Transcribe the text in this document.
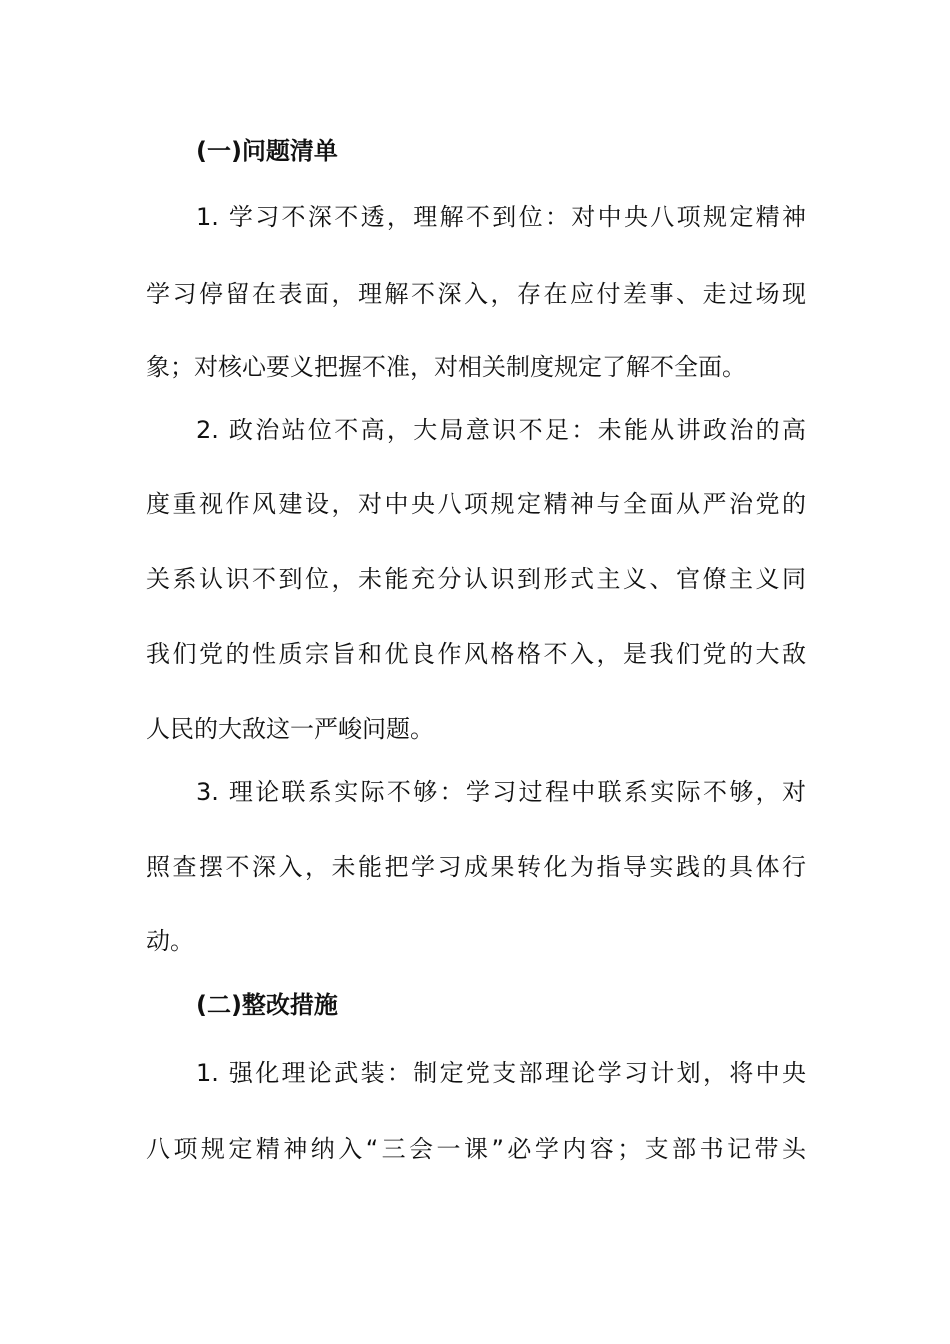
(一)问题清单
1. 学习不深不透，理解不到位：对中央八项规定精神
学习停留在表面，理解不深入，存在应付差事、走过场现
象；对核心要义把握不准，对相关制度规定了解不全面。
2. 政治站位不高，大局意识不足：未能从讲政治的高
度重视作风建设，对中央八项规定精神与全面从严治党的
关系认识不到位，未能充分认识到形式主义、官僚主义同
我们党的性质宗旨和优良作风格格不入，是我们党的大敌
人民的大敌这一严峻问题。
3. 理论联系实际不够：学习过程中联系实际不够，对
照查摆不深入，未能把学习成果转化为指导实践的具体行
动。
(二)整改措施
1. 强化理论武装：制定党支部理论学习计划，将中央
八项规定精神纳入“三会一课”必学内容；支部书记带头
